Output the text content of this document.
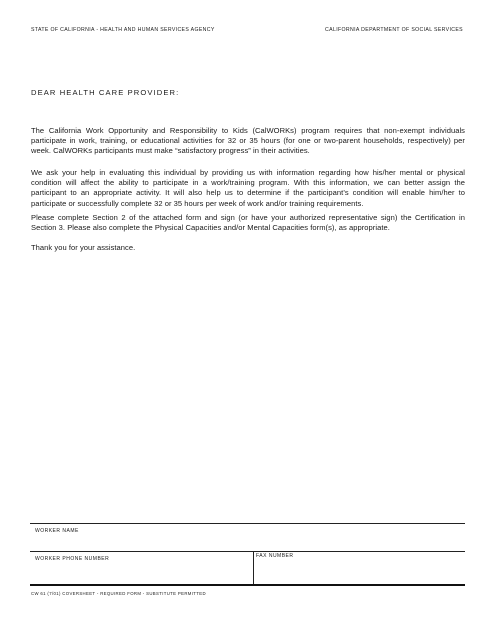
STATE OF CALIFORNIA - HEALTH AND HUMAN SERVICES AGENCY	CALIFORNIA DEPARTMENT OF SOCIAL SERVICES
DEAR HEALTH CARE PROVIDER:
The California Work Opportunity and Responsibility to Kids (CalWORKs) program requires that non-exempt individuals participate in work, training, or educational activities for 32 or 35 hours (for one or two-parent households, respectively) per week. CalWORKs participants must make “satisfactory progress” in their activities.
We ask your help in evaluating this individual by providing us with information regarding how his/her mental or physical condition will affect the ability to participate in a work/training program. With this information, we can better assign the participant to an appropriate activity. It will also help us to determine if the participant’s condition will enable him/her to participate or successfully complete 32 or 35 hours per week of work and/or training requirements.
Please complete Section 2 of the attached form and sign (or have your authorized representative sign) the Certification in Section 3. Please also complete the Physical Capacities and/or Mental Capacities form(s), as appropriate.
Thank you for your assistance.
WORKER NAME
WORKER PHONE NUMBER	FAX NUMBER
CW 61 (7/01) COVERSHEET - REQUIRED FORM - SUBSTITUTE PERMITTED
